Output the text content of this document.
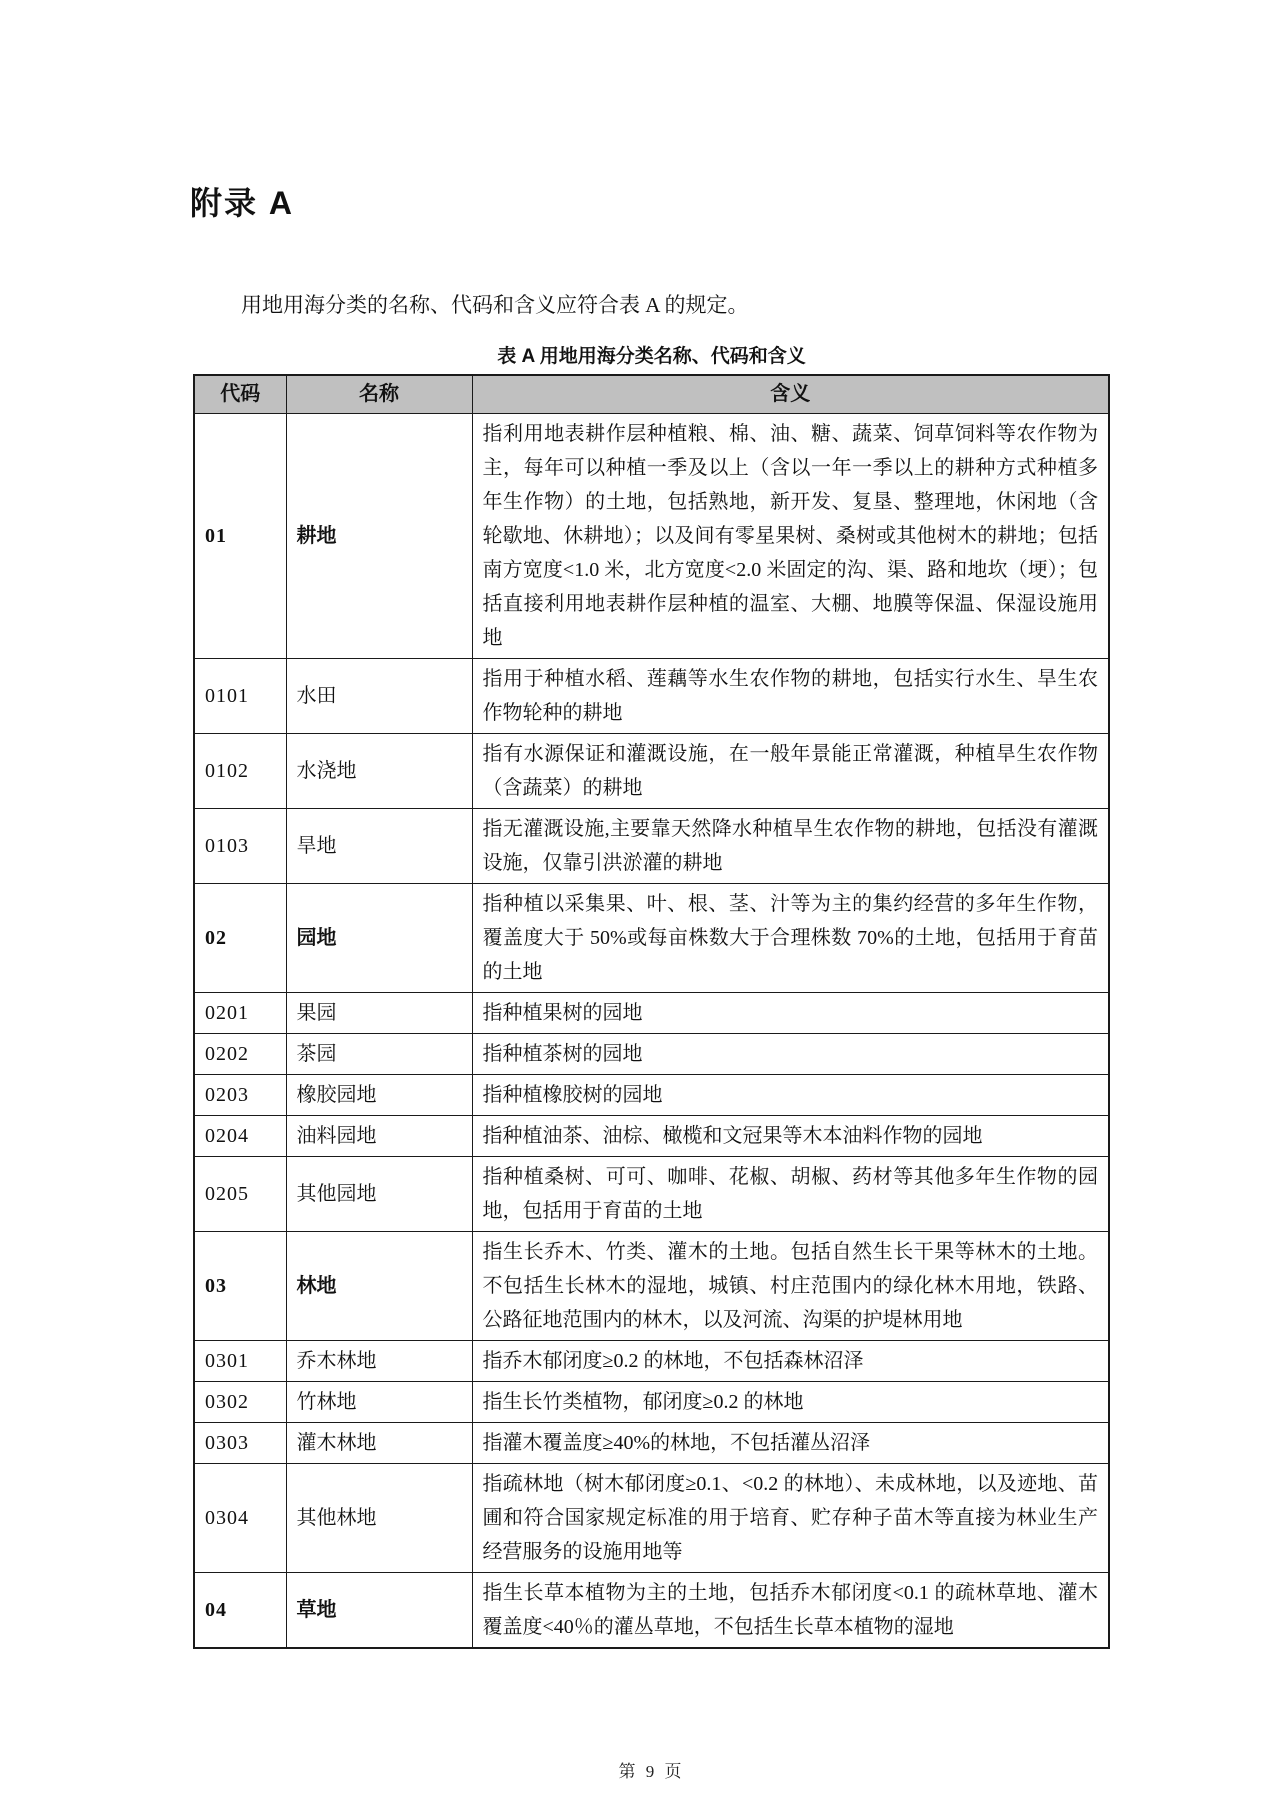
附录 A

用地用海分类的名称、代码和含义应符合表 A 的规定。

表 A 用地用海分类名称、代码和含义
代码	名称	含义
01	耕地	指利用地表耕作层种植粮、棉、油、糖、蔬菜、饲草饲料等农作物为主，每年可以种植一季及以上（含以一年一季以上的耕种方式种植多年生作物）的土地，包括熟地，新开发、复垦、整理地，休闲地（含轮歇地、休耕地）；以及间有零星果树、桑树或其他树木的耕地；包括南方宽度<1.0 米，北方宽度<2.0 米固定的沟、渠、路和地坎（埂）；包括直接利用地表耕作层种植的温室、大棚、地膜等保温、保湿设施用地
0101	水田	指用于种植水稻、莲藕等水生农作物的耕地，包括实行水生、旱生农作物轮种的耕地
0102	水浇地	指有水源保证和灌溉设施，在一般年景能正常灌溉，种植旱生农作物（含蔬菜）的耕地
0103	旱地	指无灌溉设施,主要靠天然降水种植旱生农作物的耕地，包括没有灌溉设施，仅靠引洪淤灌的耕地
02	园地	指种植以采集果、叶、根、茎、汁等为主的集约经营的多年生作物，覆盖度大于 50%或每亩株数大于合理株数 70%的土地，包括用于育苗的土地
0201	果园	指种植果树的园地
0202	茶园	指种植茶树的园地
0203	橡胶园地	指种植橡胶树的园地
0204	油料园地	指种植油茶、油棕、橄榄和文冠果等木本油料作物的园地
0205	其他园地	指种植桑树、可可、咖啡、花椒、胡椒、药材等其他多年生作物的园地，包括用于育苗的土地
03	林地	指生长乔木、竹类、灌木的土地。包括自然生长干果等林木的土地。不包括生长林木的湿地，城镇、村庄范围内的绿化林木用地，铁路、公路征地范围内的林木，以及河流、沟渠的护堤林用地
0301	乔木林地	指乔木郁闭度≥0.2 的林地，不包括森林沼泽
0302	竹林地	指生长竹类植物，郁闭度≥0.2 的林地
0303	灌木林地	指灌木覆盖度≥40%的林地，不包括灌丛沼泽
0304	其他林地	指疏林地（树木郁闭度≥0.1、<0.2 的林地）、未成林地，以及迹地、苗圃和符合国家规定标准的用于培育、贮存种子苗木等直接为林业生产经营服务的设施用地等
04	草地	指生长草本植物为主的土地，包括乔木郁闭度<0.1 的疏林草地、灌木覆盖度<40％的灌丛草地，不包括生长草本植物的湿地
第 9 页
